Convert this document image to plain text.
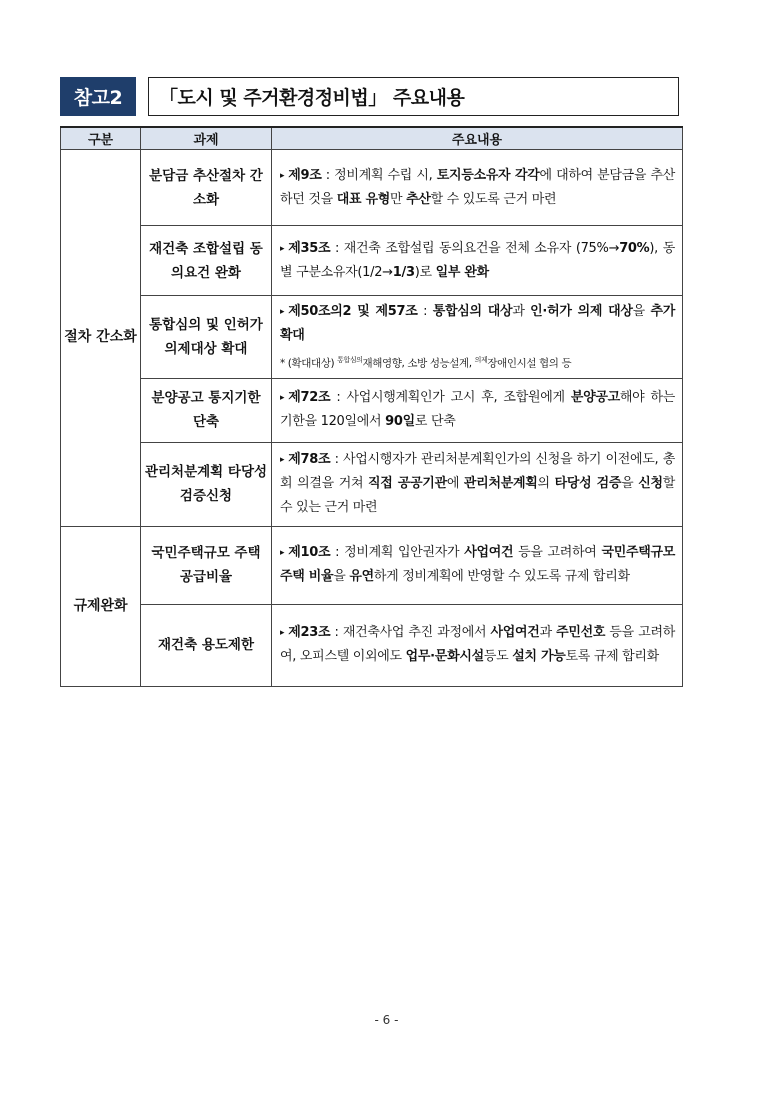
참고2	「도시 및 주거환경정비법」 주요내용
구분	과제	주요내용
절차 간소화	분담금 추산절차 간소화	▸ 제9조 : 정비계획 수립 시, 토지등소유자 각각에 대하여 분담금을 추산하던 것을 대표 유형만 추산할 수 있도록 근거 마련

	재건축 조합설립 동의요건 완화	▸ 제35조 : 재건축 조합설립 동의요건을 전체 소유자 (75%→70%), 동별 구분소유자(1/2→1/3)로 일부 완화

	통합심의 및 인허가 의제대상 확대	▸ 제50조의2 및 제57조 : 통합심의 대상과 인·허가 의제 대상을 추가 확대
* (확대대상) $^{통합심의}$재해영향, 소방 성능설계, $^{의제}$장애인시설 협의 등

	분양공고 통지기한 단축	▸ 제72조 : 사업시행계획인가 고시 후, 조합원에게 분양공고해야 하는 기한을 120일에서 90일로 단축

	관리처분계획 타당성 검증신청	▸ 제78조 : 사업시행자가 관리처분계획인가의 신청을 하기 이전에도, 총회 의결을 거쳐 직접 공공기관에 관리처분계획의 타당성 검증을 신청할 수 있는 근거 마련

규제완화	국민주택규모 주택 공급비율	▸ 제10조 : 정비계획 입안권자가 사업여건 등을 고려하여 국민주택규모 주택 비율을 유연하게 정비계획에 반영할 수 있도록 규제 합리화

	재건축 용도제한	▸ 제23조 : 재건축사업 추진 과정에서 사업여건과 주민선호 등을 고려하여, 오피스텔 이외에도 업무·문화시설등도 설치 가능토록 규제 합리화
- 6 -
